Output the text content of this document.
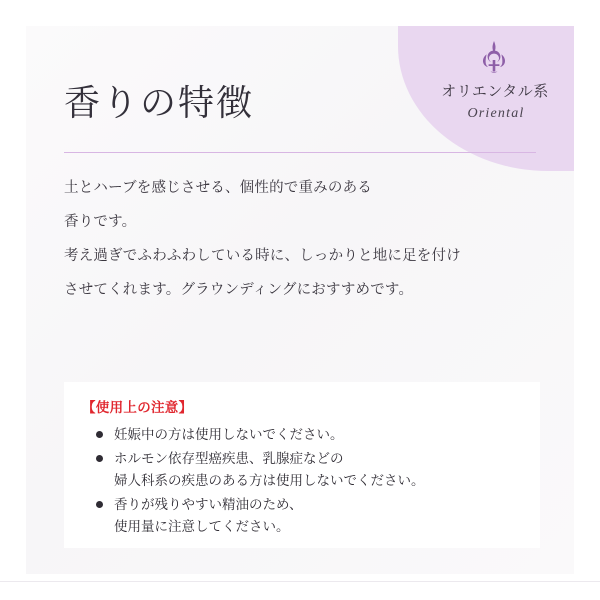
オリエンタル系
Oriental
香りの特徴

土とハーブを感じさせる、個性的で重みのある

香りです。

考え過ぎでふわふわしている時に、しっかりと地に足を付け

させてくれます。グラウンディングにおすすめです。

【使用上の注意】

妊娠中の方は使用しないでください。
ホルモン依存型癌疾患、乳腺症などの
婦人科系の疾患のある方は使用しないでください。
香りが残りやすい精油のため、
使用量に注意してください。
